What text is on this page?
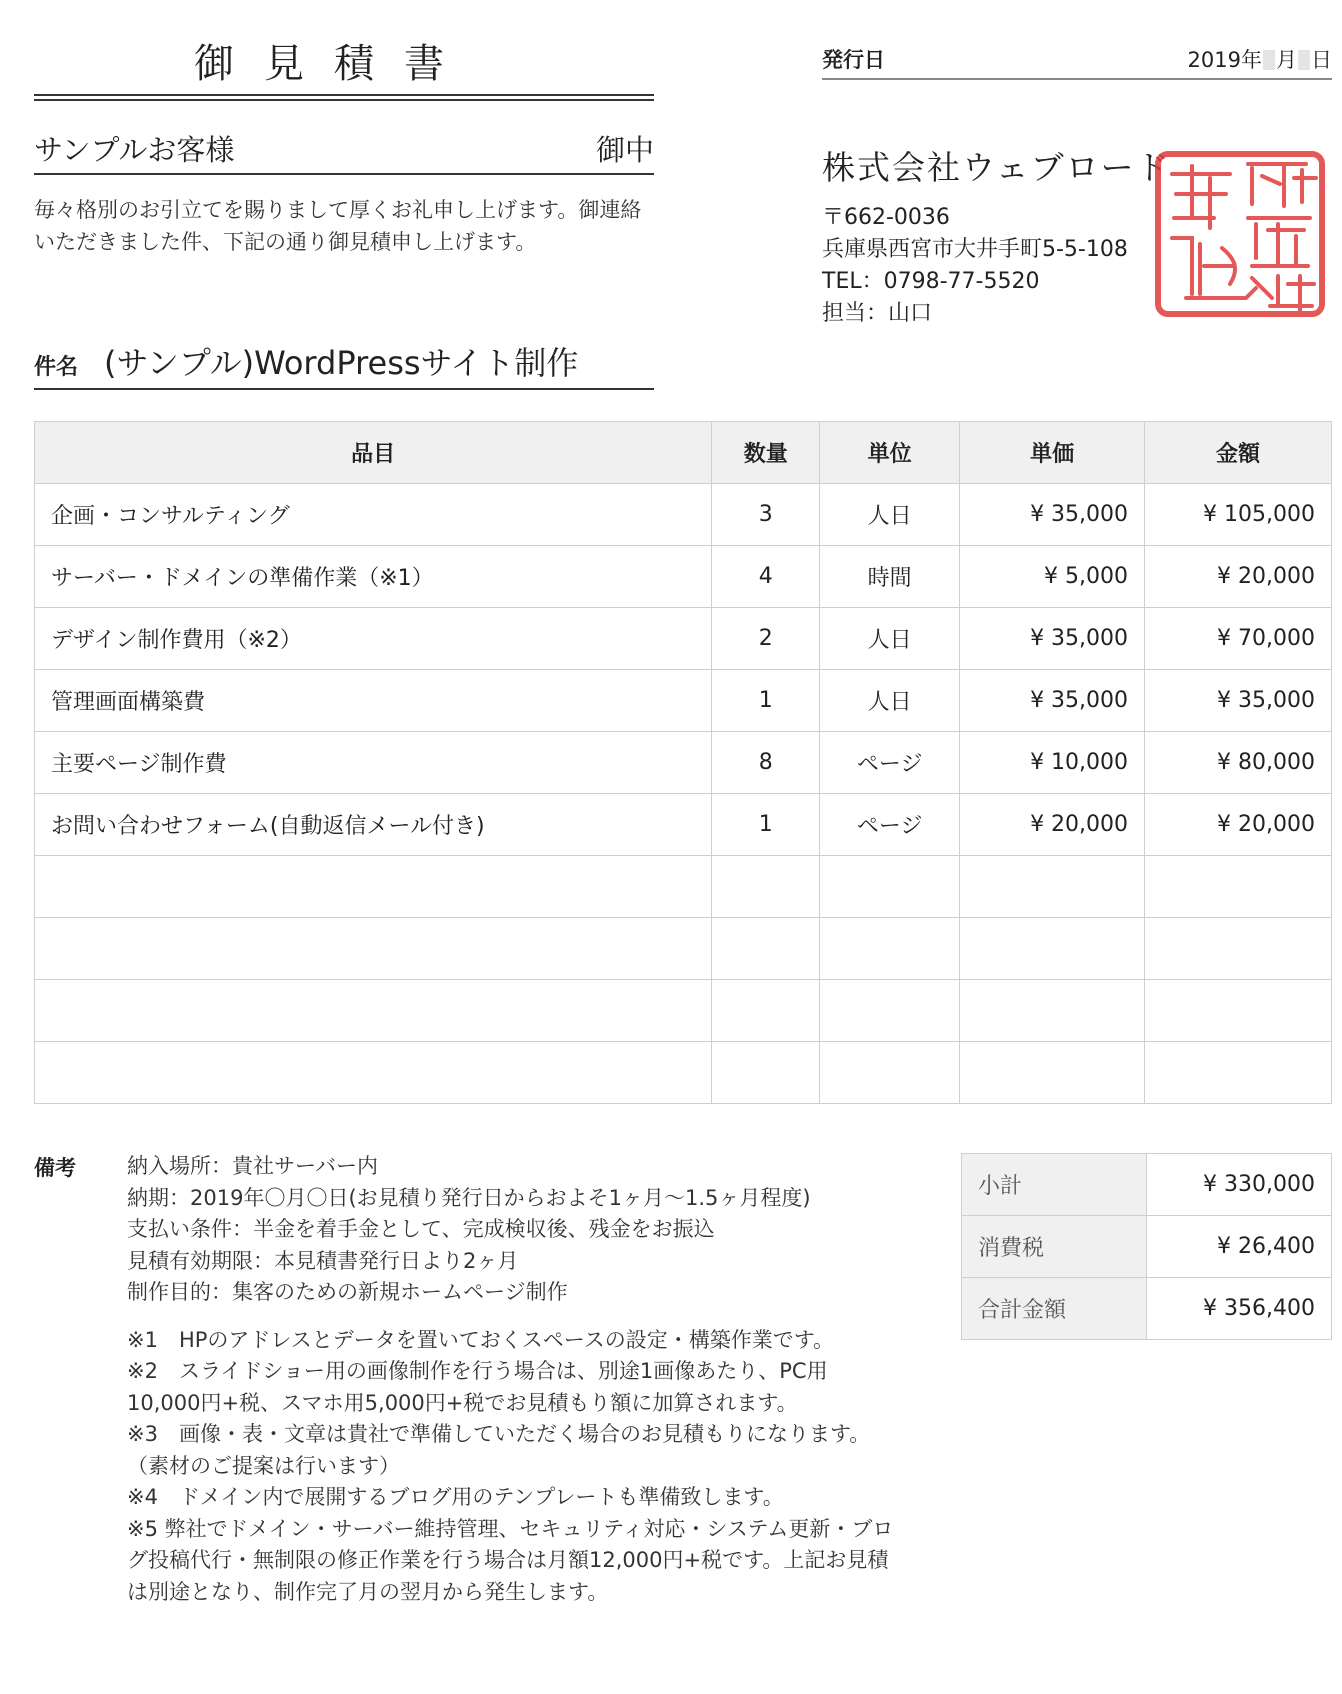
御見積書	発行日	2019年 月 日
サンプルお客様	御中
毎々格別のお引立てを賜りまして厚くお礼申し上げます。御連絡いただきました件、下記の通り御見積申し上げます。
株式会社ウェブロード
〒662-0036
兵庫県西宮市大井手町5-5-108
TEL：0798-77-5520
担当：山口
件名 (サンプル)WordPressサイト制作
品目	数量	単位	単価	金額
企画・コンサルティング	3	人日	¥ 35,000	¥ 105,000
サーバー・ドメインの準備作業（※1）	4	時間	¥ 5,000	¥ 20,000
デザイン制作費用（※2）	2	人日	¥ 35,000	¥ 70,000
管理画面構築費	1	人日	¥ 35,000	¥ 35,000
主要ページ制作費	8	ページ	¥ 10,000	¥ 80,000
お問い合わせフォーム(自動返信メール付き)	1	ページ	¥ 20,000	¥ 20,000

備考 納入場所：貴社サーバー内
納期：2019年〇月〇日(お見積り発行日からおよそ1ヶ月〜1.5ヶ月程度)
支払い条件：半金を着手金として、完成検収後、残金をお振込
見積有効期限：本見積書発行日より2ヶ月
制作目的：集客のための新規ホームページ制作
※1　HPのアドレスとデータを置いておくスペースの設定・構築作業です。
※2　スライドショー用の画像制作を行う場合は、別途1画像あたり、PC用10,000円+税、スマホ用5,000円+税でお見積もり額に加算されます。
※3　画像・表・文章は貴社で準備していただく場合のお見積もりになります。（素材のご提案は行います）
※4　ドメイン内で展開するブログ用のテンプレートも準備致します。
※5 弊社でドメイン・サーバー維持管理、セキュリティ対応・システム更新・ブログ投稿代行・無制限の修正作業を行う場合は月額12,000円+税です。上記お見積は別途となり、制作完了月の翌月から発生します。
小計	¥ 330,000
消費税	¥ 26,400
合計金額	¥ 356,400
